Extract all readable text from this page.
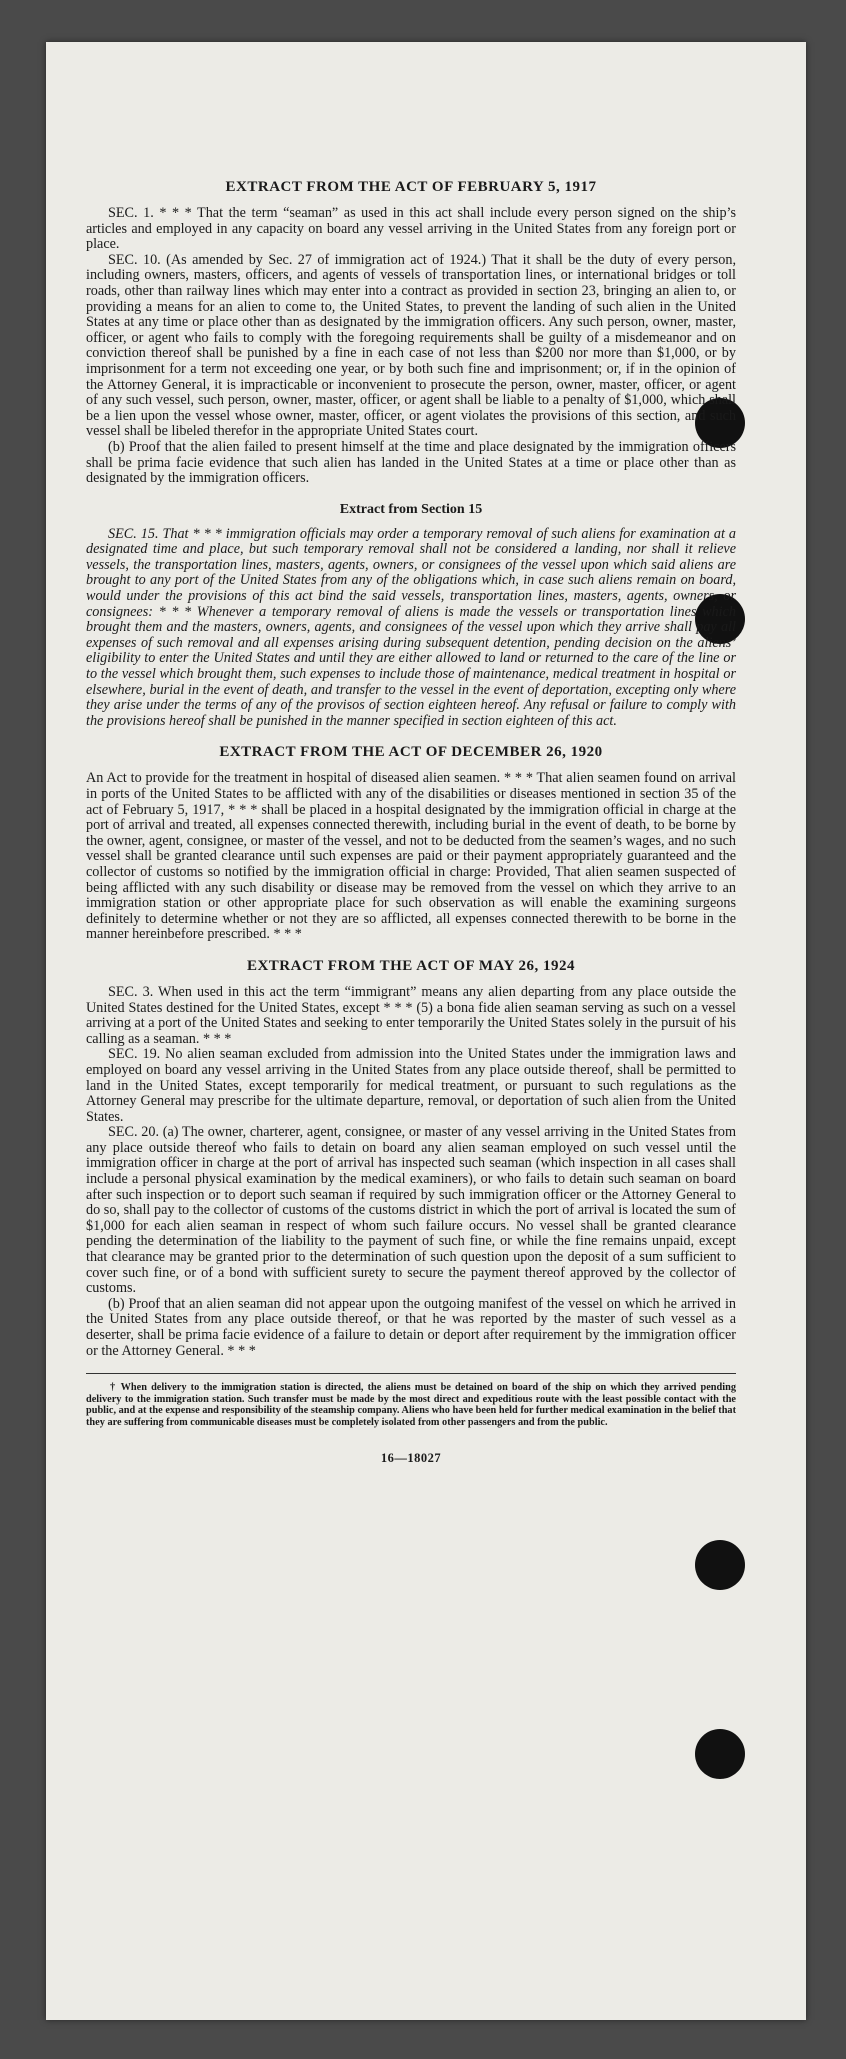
EXTRACT FROM THE ACT OF FEBRUARY 5, 1917

SEC. 1. * * * That the term “seaman” as used in this act shall include every person signed on the ship’s articles and employed in any capacity on board any vessel arriving in the United States from any foreign port or place.

SEC. 10. (As amended by Sec. 27 of immigration act of 1924.) That it shall be the duty of every person, including owners, masters, officers, and agents of vessels of transportation lines, or international bridges or toll roads, other than railway lines which may enter into a contract as provided in section 23, bringing an alien to, or providing a means for an alien to come to, the United States, to prevent the landing of such alien in the United States at any time or place other than as designated by the immigration officers. Any such person, owner, master, officer, or agent who fails to comply with the foregoing requirements shall be guilty of a misdemeanor and on conviction thereof shall be punished by a fine in each case of not less than $200 nor more than $1,000, or by imprisonment for a term not exceeding one year, or by both such fine and imprisonment; or, if in the opinion of the Attorney General, it is impracticable or inconvenient to prosecute the person, owner, master, officer, or agent of any such vessel, such person, owner, master, officer, or agent shall be liable to a penalty of $1,000, which shall be a lien upon the vessel whose owner, master, officer, or agent violates the provisions of this section, and such vessel shall be libeled therefor in the appropriate United States court.

(b) Proof that the alien failed to present himself at the time and place designated by the immigration officers shall be prima facie evidence that such alien has landed in the United States at a time or place other than as designated by the immigration officers.

Extract from Section 15

SEC. 15. That * * * immigration officials may order a temporary removal of such aliens for examination at a designated time and place, but such temporary removal shall not be considered a landing, nor shall it relieve vessels, the transportation lines, masters, agents, owners, or consignees of the vessel upon which said aliens are brought to any port of the United States from any of the obligations which, in case such aliens remain on board, would under the provisions of this act bind the said vessels, transportation lines, masters, agents, owners, or consignees: * * * Whenever a temporary removal of aliens is made the vessels or transportation lines which brought them and the masters, owners, agents, and consignees of the vessel upon which they arrive shall pay all expenses of such removal and all expenses arising during subsequent detention, pending decision on the aliens’ eligibility to enter the United States and until they are either allowed to land or returned to the care of the line or to the vessel which brought them, such expenses to include those of maintenance, medical treatment in hospital or elsewhere, burial in the event of death, and transfer to the vessel in the event of deportation, excepting only where they arise under the terms of any of the provisos of section eighteen hereof. Any refusal or failure to comply with the provisions hereof shall be punished in the manner specified in section eighteen of this act.

EXTRACT FROM THE ACT OF DECEMBER 26, 1920

An Act to provide for the treatment in hospital of diseased alien seamen. * * * That alien seamen found on arrival in ports of the United States to be afflicted with any of the disabilities or diseases mentioned in section 35 of the act of February 5, 1917, * * * shall be placed in a hospital designated by the immigration official in charge at the port of arrival and treated, all expenses connected therewith, including burial in the event of death, to be borne by the owner, agent, consignee, or master of the vessel, and not to be deducted from the seamen’s wages, and no such vessel shall be granted clearance until such expenses are paid or their payment appropriately guaranteed and the collector of customs so notified by the immigration official in charge: Provided, That alien seamen suspected of being afflicted with any such disability or disease may be removed from the vessel on which they arrive to an immigration station or other appropriate place for such observation as will enable the examining surgeons definitely to determine whether or not they are so afflicted, all expenses connected therewith to be borne in the manner hereinbefore prescribed. * * *

EXTRACT FROM THE ACT OF MAY 26, 1924

SEC. 3. When used in this act the term “immigrant” means any alien departing from any place outside the United States destined for the United States, except * * * (5) a bona fide alien seaman serving as such on a vessel arriving at a port of the United States and seeking to enter temporarily the United States solely in the pursuit of his calling as a seaman. * * *

SEC. 19. No alien seaman excluded from admission into the United States under the immigration laws and employed on board any vessel arriving in the United States from any place outside thereof, shall be permitted to land in the United States, except temporarily for medical treatment, or pursuant to such regulations as the Attorney General may prescribe for the ultimate departure, removal, or deportation of such alien from the United States.

SEC. 20. (a) The owner, charterer, agent, consignee, or master of any vessel arriving in the United States from any place outside thereof who fails to detain on board any alien seaman employed on such vessel until the immigration officer in charge at the port of arrival has inspected such seaman (which inspection in all cases shall include a personal physical examination by the medical examiners), or who fails to detain such seaman on board after such inspection or to deport such seaman if required by such immigration officer or the Attorney General to do so, shall pay to the collector of customs of the customs district in which the port of arrival is located the sum of $1,000 for each alien seaman in respect of whom such failure occurs. No vessel shall be granted clearance pending the determination of the liability to the payment of such fine, or while the fine remains unpaid, except that clearance may be granted prior to the determination of such question upon the deposit of a sum sufficient to cover such fine, or of a bond with sufficient surety to secure the payment thereof approved by the collector of customs.

(b) Proof that an alien seaman did not appear upon the outgoing manifest of the vessel on which he arrived in the United States from any place outside thereof, or that he was reported by the master of such vessel as a deserter, shall be prima facie evidence of a failure to detain or deport after requirement by the immigration officer or the Attorney General. * * *

† When delivery to the immigration station is directed, the aliens must be detained on board of the ship on which they arrived pending delivery to the immigration station. Such transfer must be made by the most direct and expeditious route with the least possible contact with the public, and at the expense and responsibility of the steamship company. Aliens who have been held for further medical examination in the belief that they are suffering from communicable diseases must be completely isolated from other passengers and from the public.

16—18027
